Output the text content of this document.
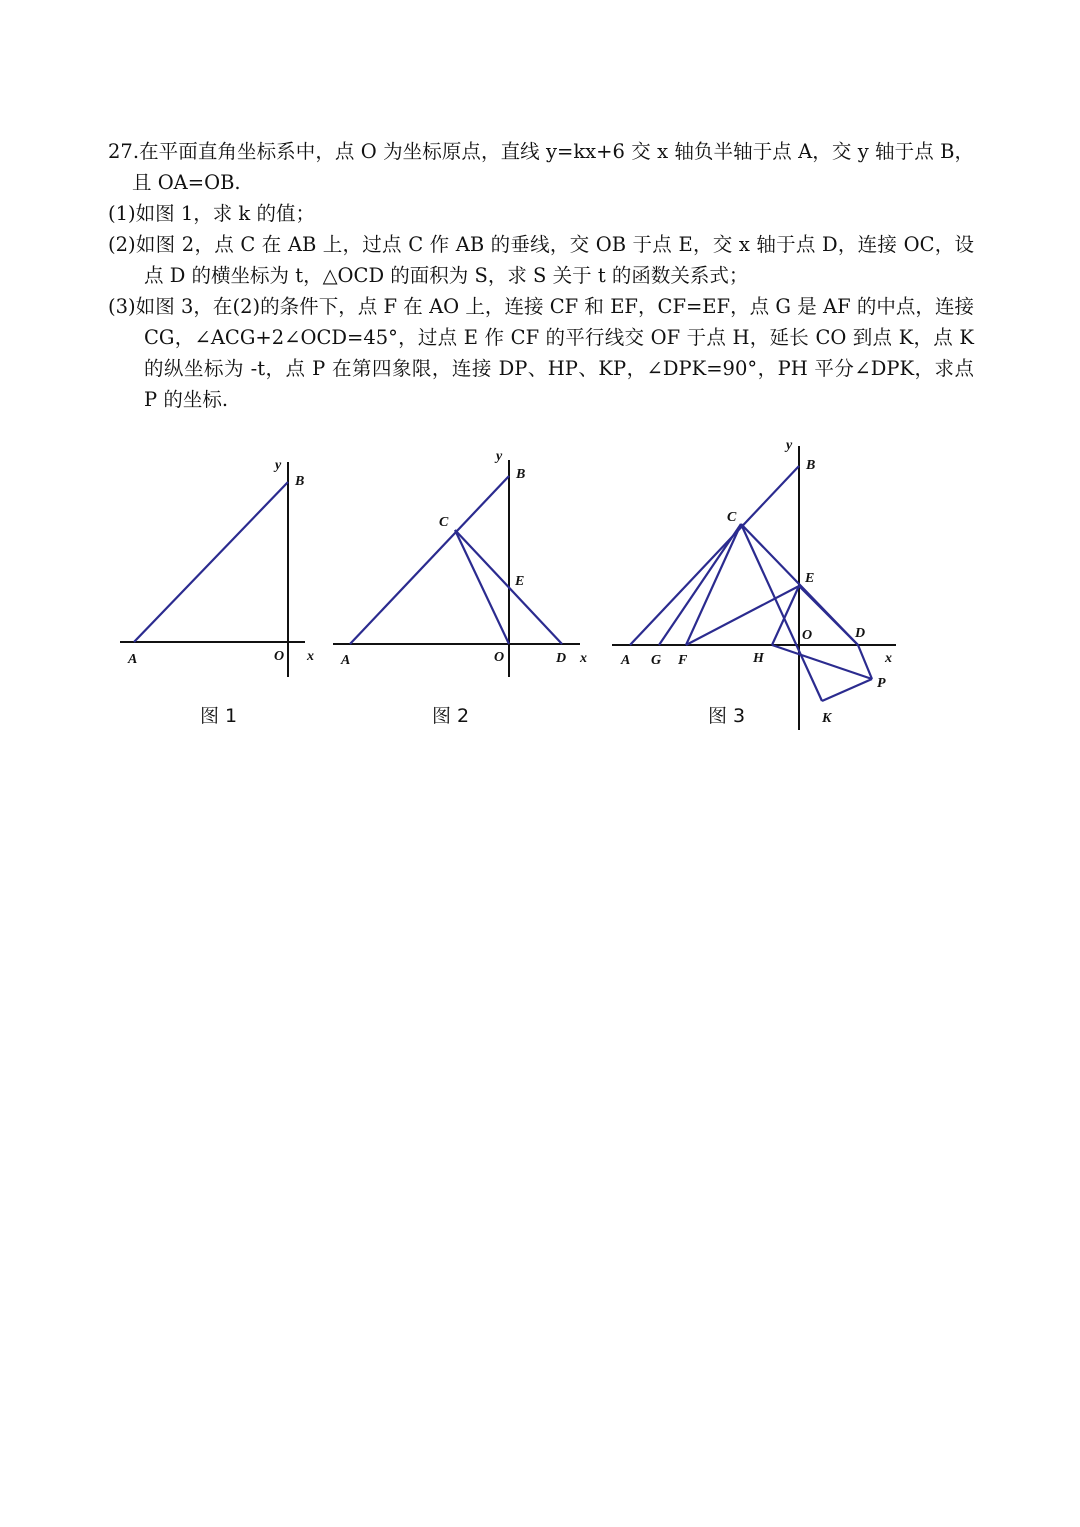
27.在平面直角坐标系中，点 O 为坐标原点，直线 y=kx+6 交 x 轴负半轴于点 A，交 y 轴于点 B，且 OA=OB.

(1)如图 1，求 k 的值；

(2)如图 2，点 C 在 AB 上，过点 C 作 AB 的垂线，交 OB 于点 E，交 x 轴于点 D，连接 OC，设点 D 的横坐标为 t，△OCD 的面积为 S，求 S 关于 t 的函数关系式；

(3)如图 3，在(2)的条件下，点 F 在 AO 上，连接 CF 和 EF，CF=EF，点 G 是 AF 的中点，连接 CG，∠ACG+2∠OCD=45°，过点 E 作 CF 的平行线交 OF 于点 H，延长 CO 到点 K，点 K 的纵坐标为 -t，点 P 在第四象限，连接 DP、HP、KP，∠DPK=90°，PH 平分∠DPK，求点 P 的坐标.

y
B
A	O x
图 1
y
B
C
E
A	O	D x
图 2
y
B
C
E
O	D
A G F	H	x
P
K
图 3
